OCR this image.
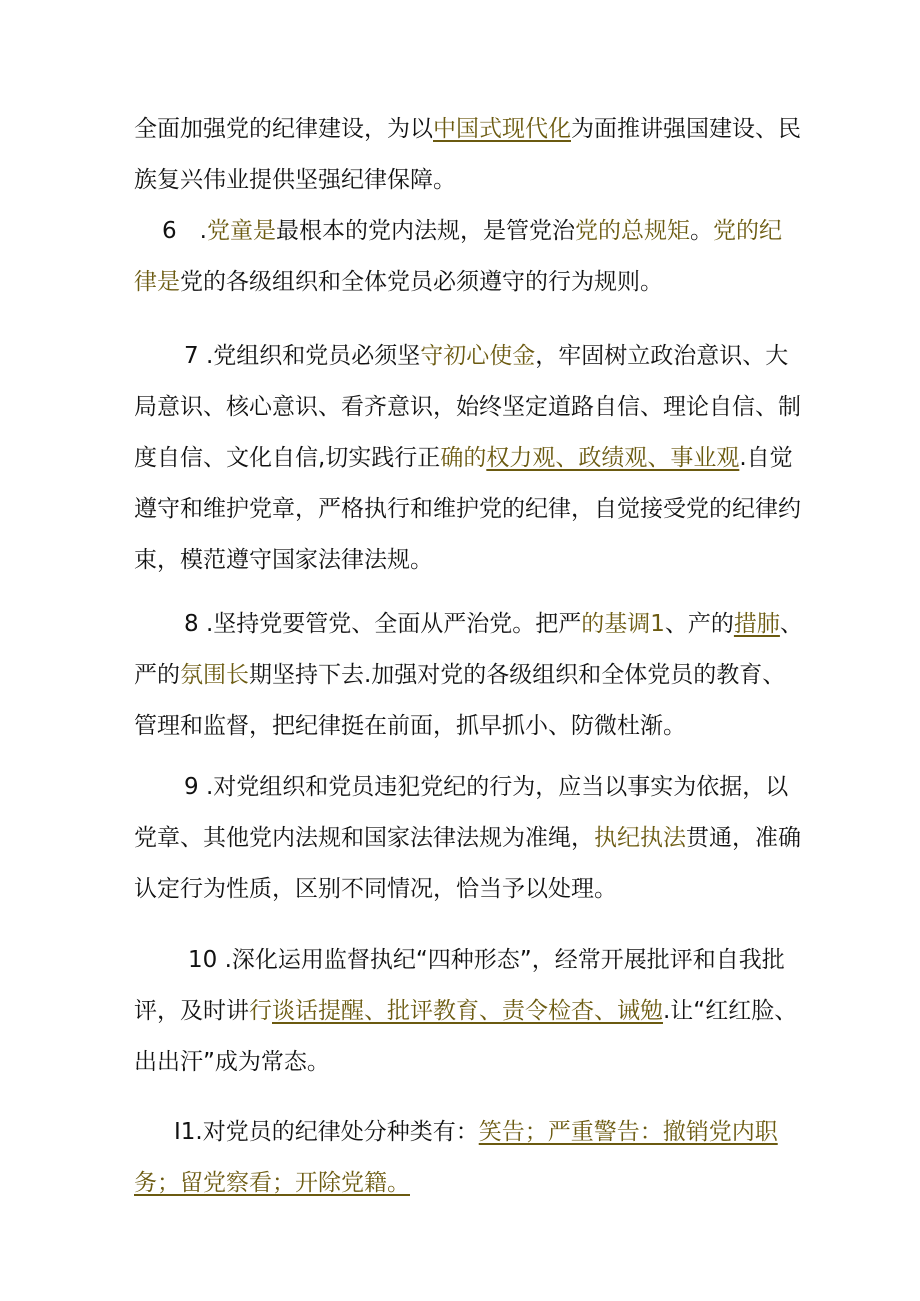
全面加强党的纪律建设，为以中国式现代化为面推讲强国建设、民族复兴伟业提供坚强纪律保障。

6　.党童是最根本的党内法规，是管党治党的总规矩。党的纪律是党的各级组织和全体党员必须遵守的行为规则。

7 .党组织和党员必须坚守初心使金，牢固树立政治意识、大局意识、核心意识、看齐意识，始终坚定道路自信、理论自信、制度自信、文化自信,切实践行正确的权力观、政绩观、事业观.自觉遵守和维护党章，严格执行和维护党的纪律，自觉接受党的纪律约束，模范遵守国家法律法规。

8 .坚持党要管党、全面从严治党。把严的基调1、产的措肺、严的氛围长期坚持下去.加强对党的各级组织和全体党员的教育、管理和监督，把纪律挺在前面，抓早抓小、防微杜渐。

9 .对党组织和党员违犯党纪的行为，应当以事实为依据，以党章、其他党内法规和国家法律法规为准绳，执纪执法贯通，准确认定行为性质，区别不同情况，恰当予以处理。

10 .深化运用监督执纪“四种形态”，经常开展批评和自我批评，及时讲行谈话提醒、批评教育、责令检杳、诫勉.让“红红脸、出出汗”成为常态。

I1.对党员的纪律处分种类有：笑告；严重警告：撤销党内职务；留党察看；开除党籍。
